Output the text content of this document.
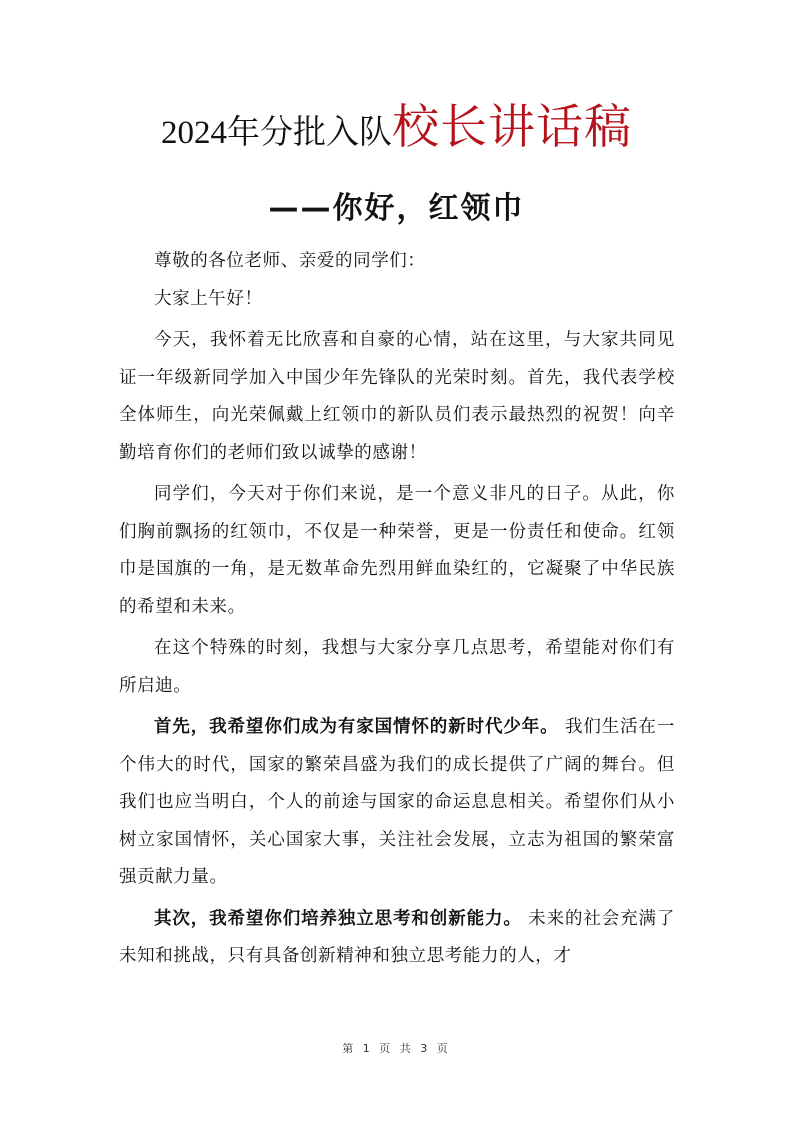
2024年分批入队校长讲话稿
——你好，红领巾

尊敬的各位老师、亲爱的同学们：

大家上午好！

今天，我怀着无比欣喜和自豪的心情，站在这里，与大家共同见证一年级新同学加入中国少年先锋队的光荣时刻。首先，我代表学校全体师生，向光荣佩戴上红领巾的新队员们表示最热烈的祝贺！向辛勤培育你们的老师们致以诚挚的感谢！

同学们，今天对于你们来说，是一个意义非凡的日子。从此，你们胸前飘扬的红领巾，不仅是一种荣誉，更是一份责任和使命。红领巾是国旗的一角，是无数革命先烈用鲜血染红的，它凝聚了中华民族的希望和未来。

在这个特殊的时刻，我想与大家分享几点思考，希望能对你们有所启迪。

首先，我希望你们成为有家国情怀的新时代少年。 我们生活在一个伟大的时代，国家的繁荣昌盛为我们的成长提供了广阔的舞台。但我们也应当明白，个人的前途与国家的命运息息相关。希望你们从小树立家国情怀，关心国家大事，关注社会发展，立志为祖国的繁荣富强贡献力量。

其次，我希望你们培养独立思考和创新能力。 未来的社会充满了未知和挑战，只有具备创新精神和独立思考能力的人，才

第 1 页 共 3 页
